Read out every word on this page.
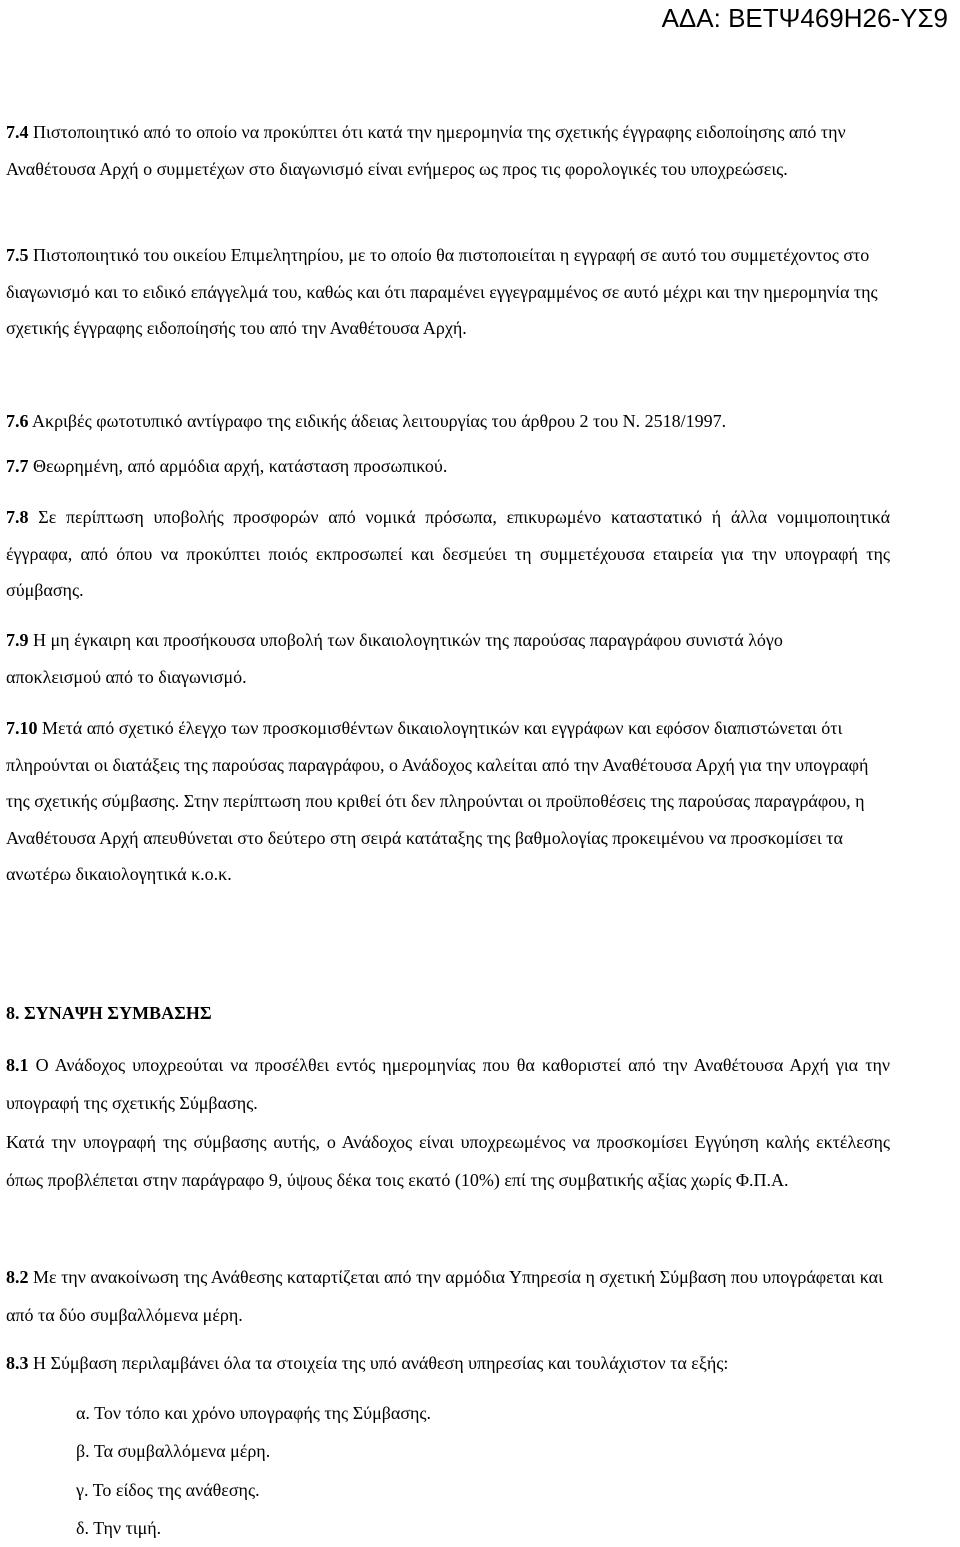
ΑΔΑ: ΒΕΤΨ469Η26-ΥΣ9

7.4 Πιστοποιητικό από το οποίο να προκύπτει ότι κατά την ημερομηνία της σχετικής έγγραφης ειδοποίησης από την Αναθέτουσα Αρχή ο συμμετέχων στο διαγωνισμό είναι ενήμερος ως προς τις φορολογικές του υποχρεώσεις.

7.5 Πιστοποιητικό του οικείου Επιμελητηρίου, με το οποίο θα πιστοποιείται η εγγραφή σε αυτό του συμμετέχοντος στο διαγωνισμό και το ειδικό επάγγελμά του, καθώς και ότι παραμένει εγγεγραμμένος σε αυτό μέχρι και την ημερομηνία της σχετικής έγγραφης ειδοποίησής του από την Αναθέτουσα Αρχή.

7.6 Ακριβές φωτοτυπικό αντίγραφο της ειδικής άδειας λειτουργίας του άρθρου 2 του Ν. 2518/1997.

7.7 Θεωρημένη, από αρμόδια αρχή, κατάσταση προσωπικού.

7.8 Σε περίπτωση υποβολής προσφορών από νομικά πρόσωπα, επικυρωμένο καταστατικό ή άλλα νομιμοποιητικά έγγραφα, από όπου να προκύπτει ποιός εκπροσωπεί και δεσμεύει τη συμμετέχουσα εταιρεία για την υπογραφή της σύμβασης.

7.9 Η μη έγκαιρη και προσήκουσα υποβολή των δικαιολογητικών της παρούσας παραγράφου συνιστά λόγο αποκλεισμού από το διαγωνισμό.

7.10 Μετά από σχετικό έλεγχο των προσκομισθέντων δικαιολογητικών και εγγράφων και εφόσον διαπιστώνεται ότι πληρούνται οι διατάξεις της παρούσας παραγράφου, ο Ανάδοχος καλείται από την Αναθέτουσα Αρχή για την υπογραφή της σχετικής σύμβασης. Στην περίπτωση που κριθεί ότι δεν πληρούνται οι προϋποθέσεις της παρούσας παραγράφου, η Αναθέτουσα Αρχή απευθύνεται στο δεύτερο στη σειρά κατάταξης της βαθμολογίας προκειμένου να προσκομίσει τα ανωτέρω δικαιολογητικά κ.ο.κ.

8. ΣΥΝΑΨΗ ΣΥΜΒΑΣΗΣ

8.1 Ο Ανάδοχος υποχρεούται να προσέλθει εντός ημερομηνίας που θα καθοριστεί από την Αναθέτουσα Αρχή για την υπογραφή της σχετικής Σύμβασης.

Κατά την υπογραφή της σύμβασης αυτής, ο Ανάδοχος είναι υποχρεωμένος να προσκομίσει Εγγύηση καλής εκτέλεσης όπως προβλέπεται στην παράγραφο 9, ύψους δέκα τοις εκατό (10%) επί της συμβατικής αξίας χωρίς Φ.Π.Α.

8.2 Με την ανακοίνωση της Ανάθεσης καταρτίζεται από την αρμόδια Υπηρεσία η σχετική Σύμβαση που υπογράφεται και από τα δύο συμβαλλόμενα μέρη.

8.3 Η Σύμβαση περιλαμβάνει όλα τα στοιχεία της υπό ανάθεση υπηρεσίας και τουλάχιστον τα εξής:

α. Τον τόπο και χρόνο υπογραφής της Σύμβασης.
β. Τα συμβαλλόμενα μέρη.
γ. Το είδος της ανάθεσης.
δ. Την τιμή.
